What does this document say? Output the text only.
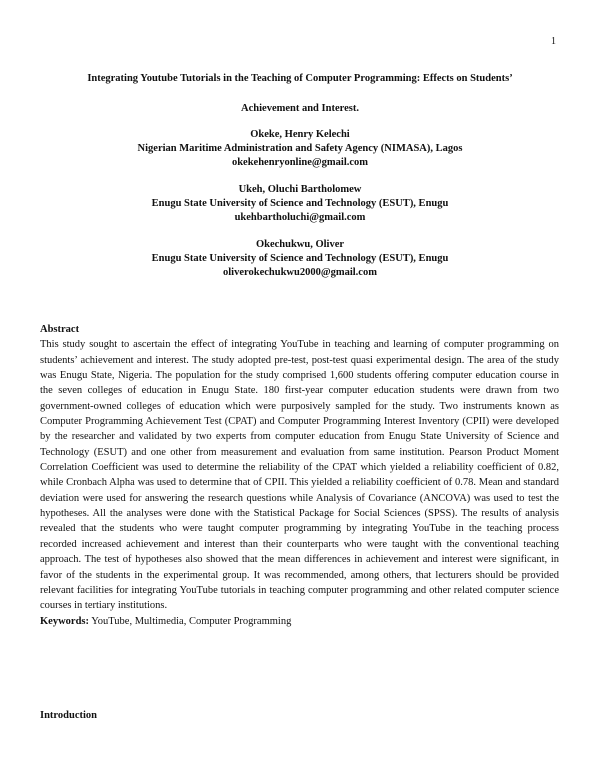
1
Integrating Youtube Tutorials in the Teaching of Computer Programming: Effects on Students’
Achievement and Interest.
Okeke, Henry Kelechi
Nigerian Maritime Administration and Safety Agency (NIMASA), Lagos
okekehenryonline@gmail.com
Ukeh, Oluchi Bartholomew
Enugu State University of Science and Technology (ESUT), Enugu
ukehbartholuchi@gmail.com
Okechukwu, Oliver
Enugu State University of Science and Technology (ESUT), Enugu
oliverokechukwu2000@gmail.com
Abstract

This study sought to ascertain the effect of integrating YouTube in teaching and learning of computer programming on students’ achievement and interest. The study adopted pre-test, post-test quasi experimental design. The area of the study was Enugu State, Nigeria. The population for the study comprised 1,600 students offering computer education course in the seven colleges of education in Enugu State. 180 first-year computer education students were drawn from two government-owned colleges of education which were purposively sampled for the study. Two instruments known as Computer Programming Achievement Test (CPAT) and Computer Programming Interest Inventory (CPII) were developed by the researcher and validated by two experts from computer education from Enugu State University of Science and Technology (ESUT) and one other from measurement and evaluation from same institution. Pearson Product Moment Correlation Coefficient was used to determine the reliability of the CPAT which yielded a reliability coefficient of 0.82, while Cronbach Alpha was used to determine that of CPII. This yielded a reliability coefficient of 0.78. Mean and standard deviation were used for answering the research questions while Analysis of Covariance (ANCOVA) was used to test the hypotheses. All the analyses were done with the Statistical Package for Social Sciences (SPSS). The results of analysis revealed that the students who were taught computer programming by integrating YouTube in the teaching process recorded increased achievement and interest than their counterparts who were taught with the conventional teaching approach. The test of hypotheses also showed that the mean differences in achievement and interest were significant, in favor of the students in the experimental group. It was recommended, among others, that lecturers should be provided relevant facilities for integrating YouTube tutorials in teaching computer programming and other related computer science courses in tertiary institutions.

Keywords: YouTube, Multimedia, Computer Programming
Introduction
